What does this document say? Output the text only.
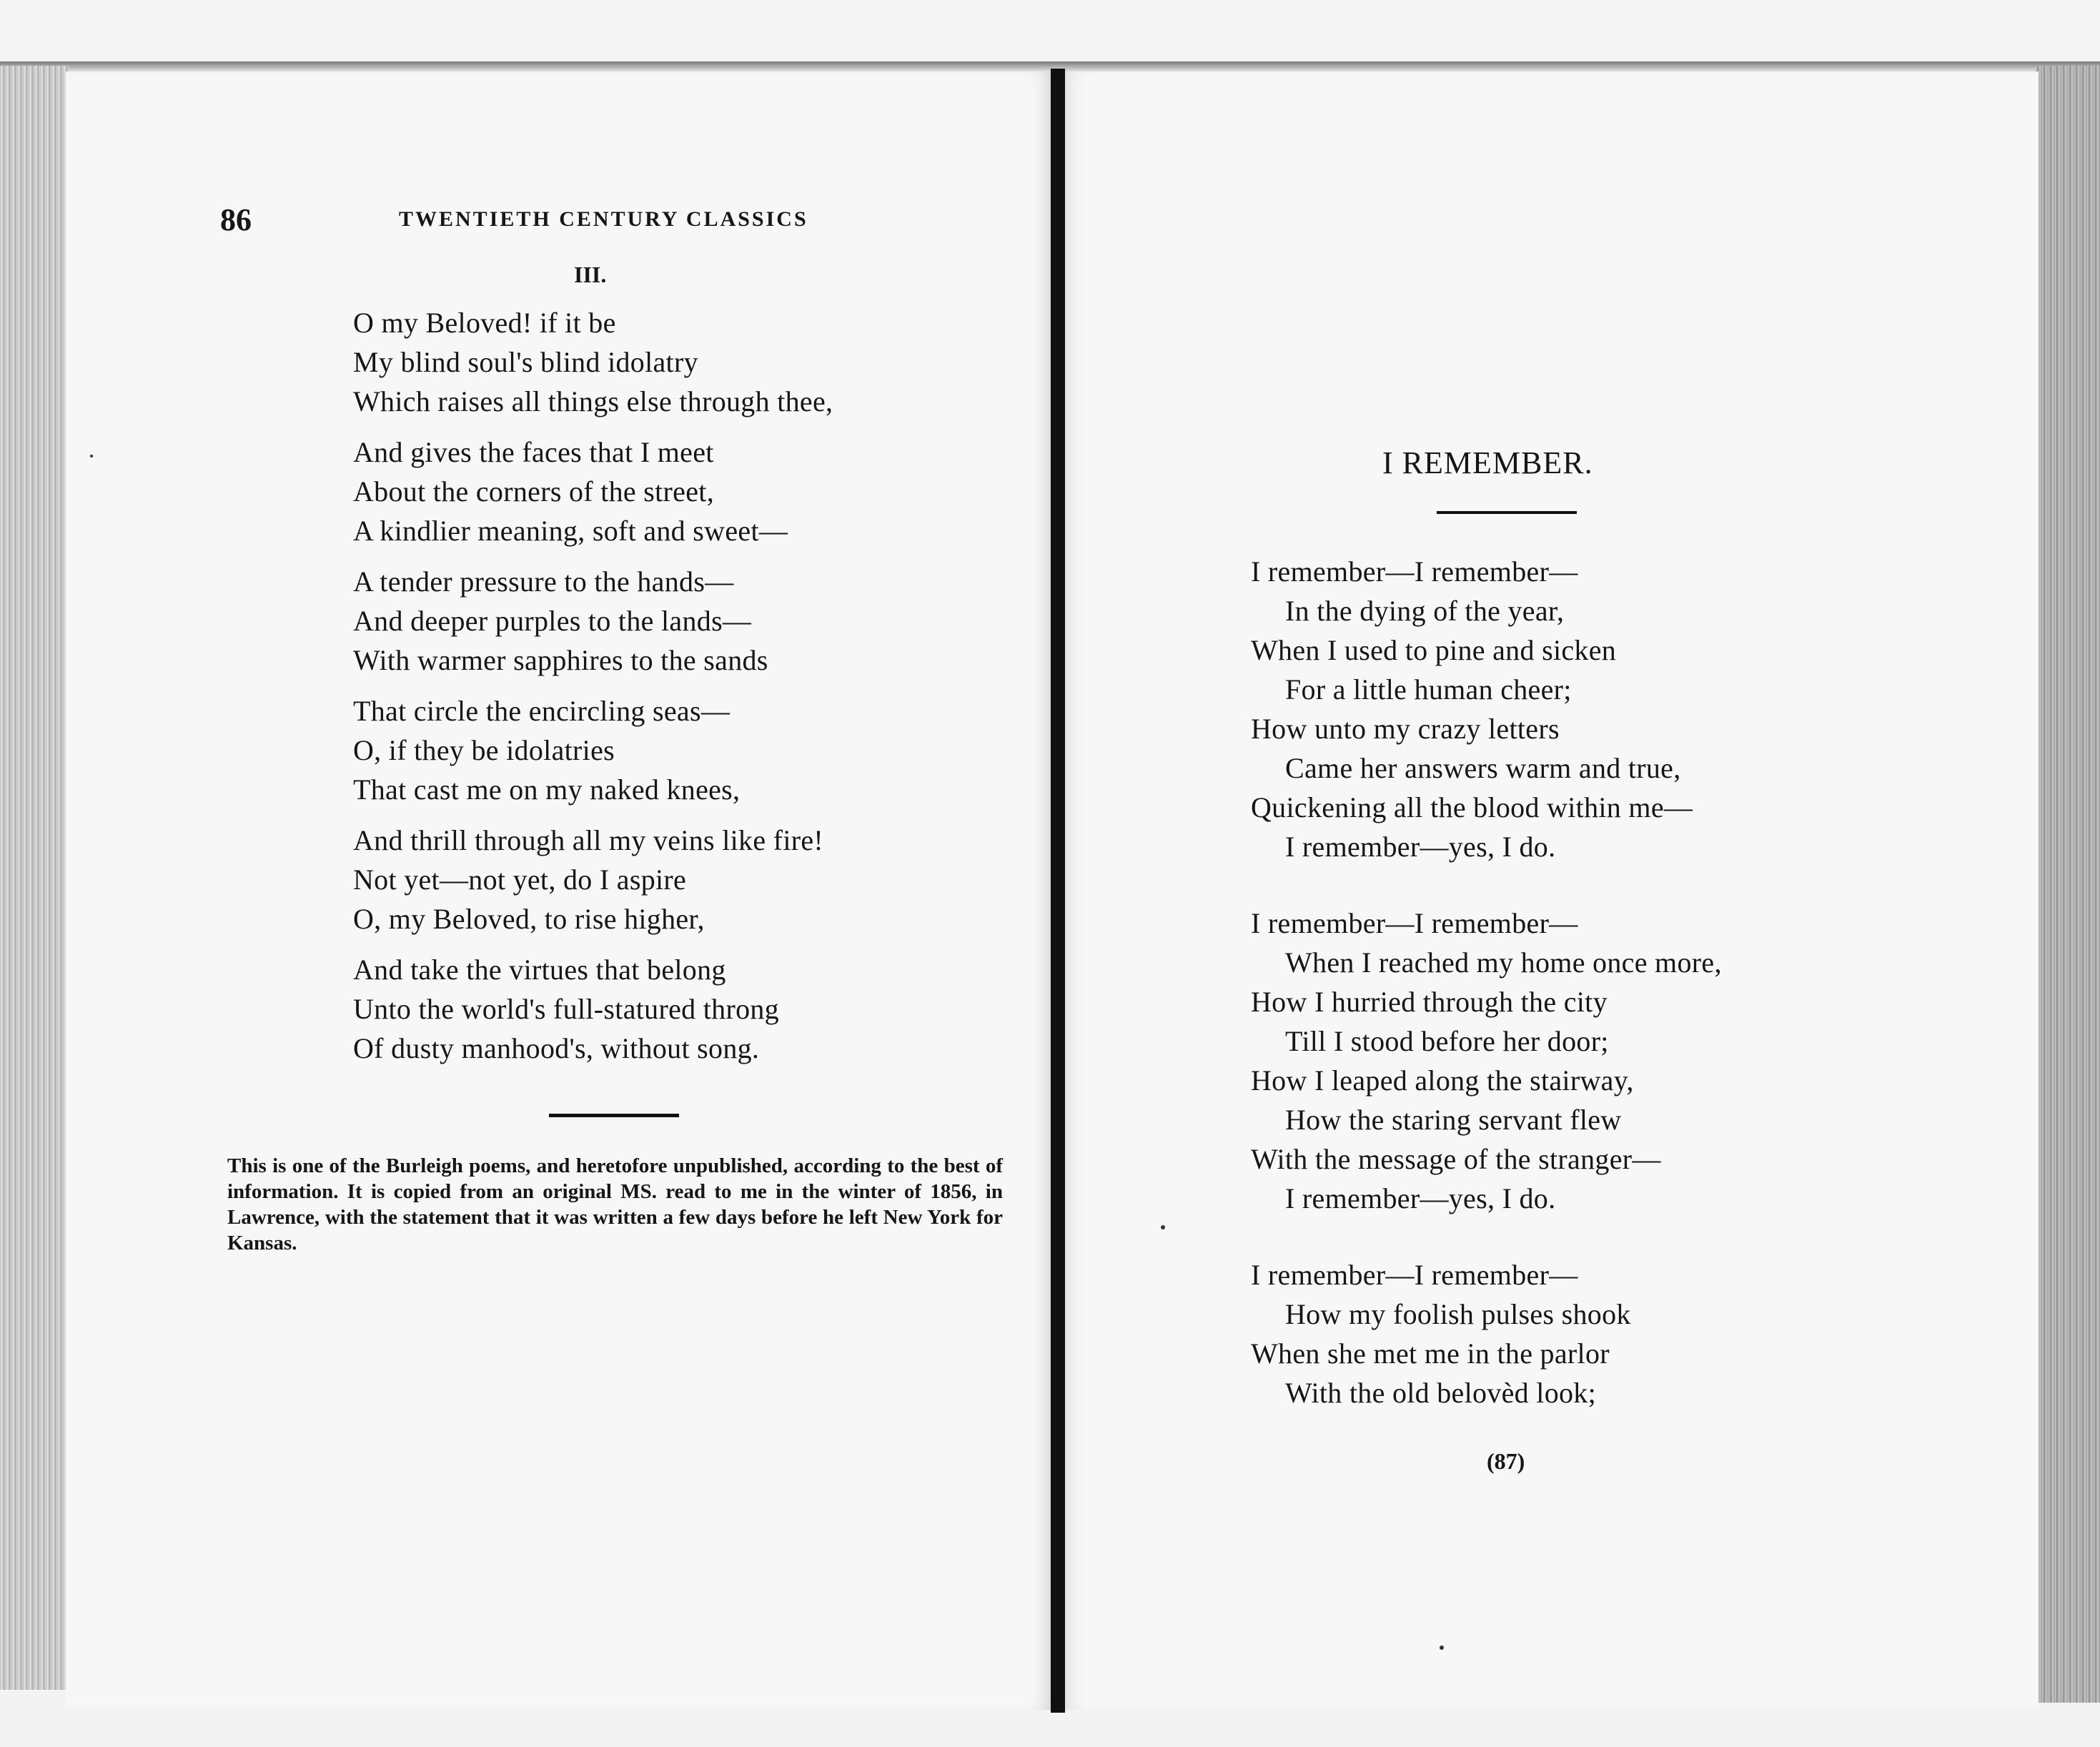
86	TWENTIETH CENTURY CLASSICS

III.

O my Beloved! if it be
My blind soul's blind idolatry
Which raises all things else through thee,
And gives the faces that I meet
About the corners of the street,
A kindlier meaning, soft and sweet—
A tender pressure to the hands—
And deeper purples to the lands—
With warmer sapphires to the sands
That circle the encircling seas—
O, if they be idolatries
That cast me on my naked knees,
And thrill through all my veins like fire!
Not yet—not yet, do I aspire
O, my Beloved, to rise higher,
And take the virtues that belong
Unto the world's full-statured throng
Of dusty manhood's, without song.

This is one of the Burleigh poems, and heretofore unpublished, according to the best of information. It is copied from an original MS. read to me in the winter of 1856, in Lawrence, with the statement that it was written a few days before he left New York for Kansas.

I REMEMBER.

I remember—I remember—
In the dying of the year,
When I used to pine and sicken
For a little human cheer;
How unto my crazy letters
Came her answers warm and true,
Quickening all the blood within me—
I remember—yes, I do.
I remember—I remember—
When I reached my home once more,
How I hurried through the city
Till I stood before her door;
How I leaped along the stairway,
How the staring servant flew
With the message of the stranger—
I remember—yes, I do.
I remember—I remember—
How my foolish pulses shook
When she met me in the parlor
With the old belovèd look;

(87)
